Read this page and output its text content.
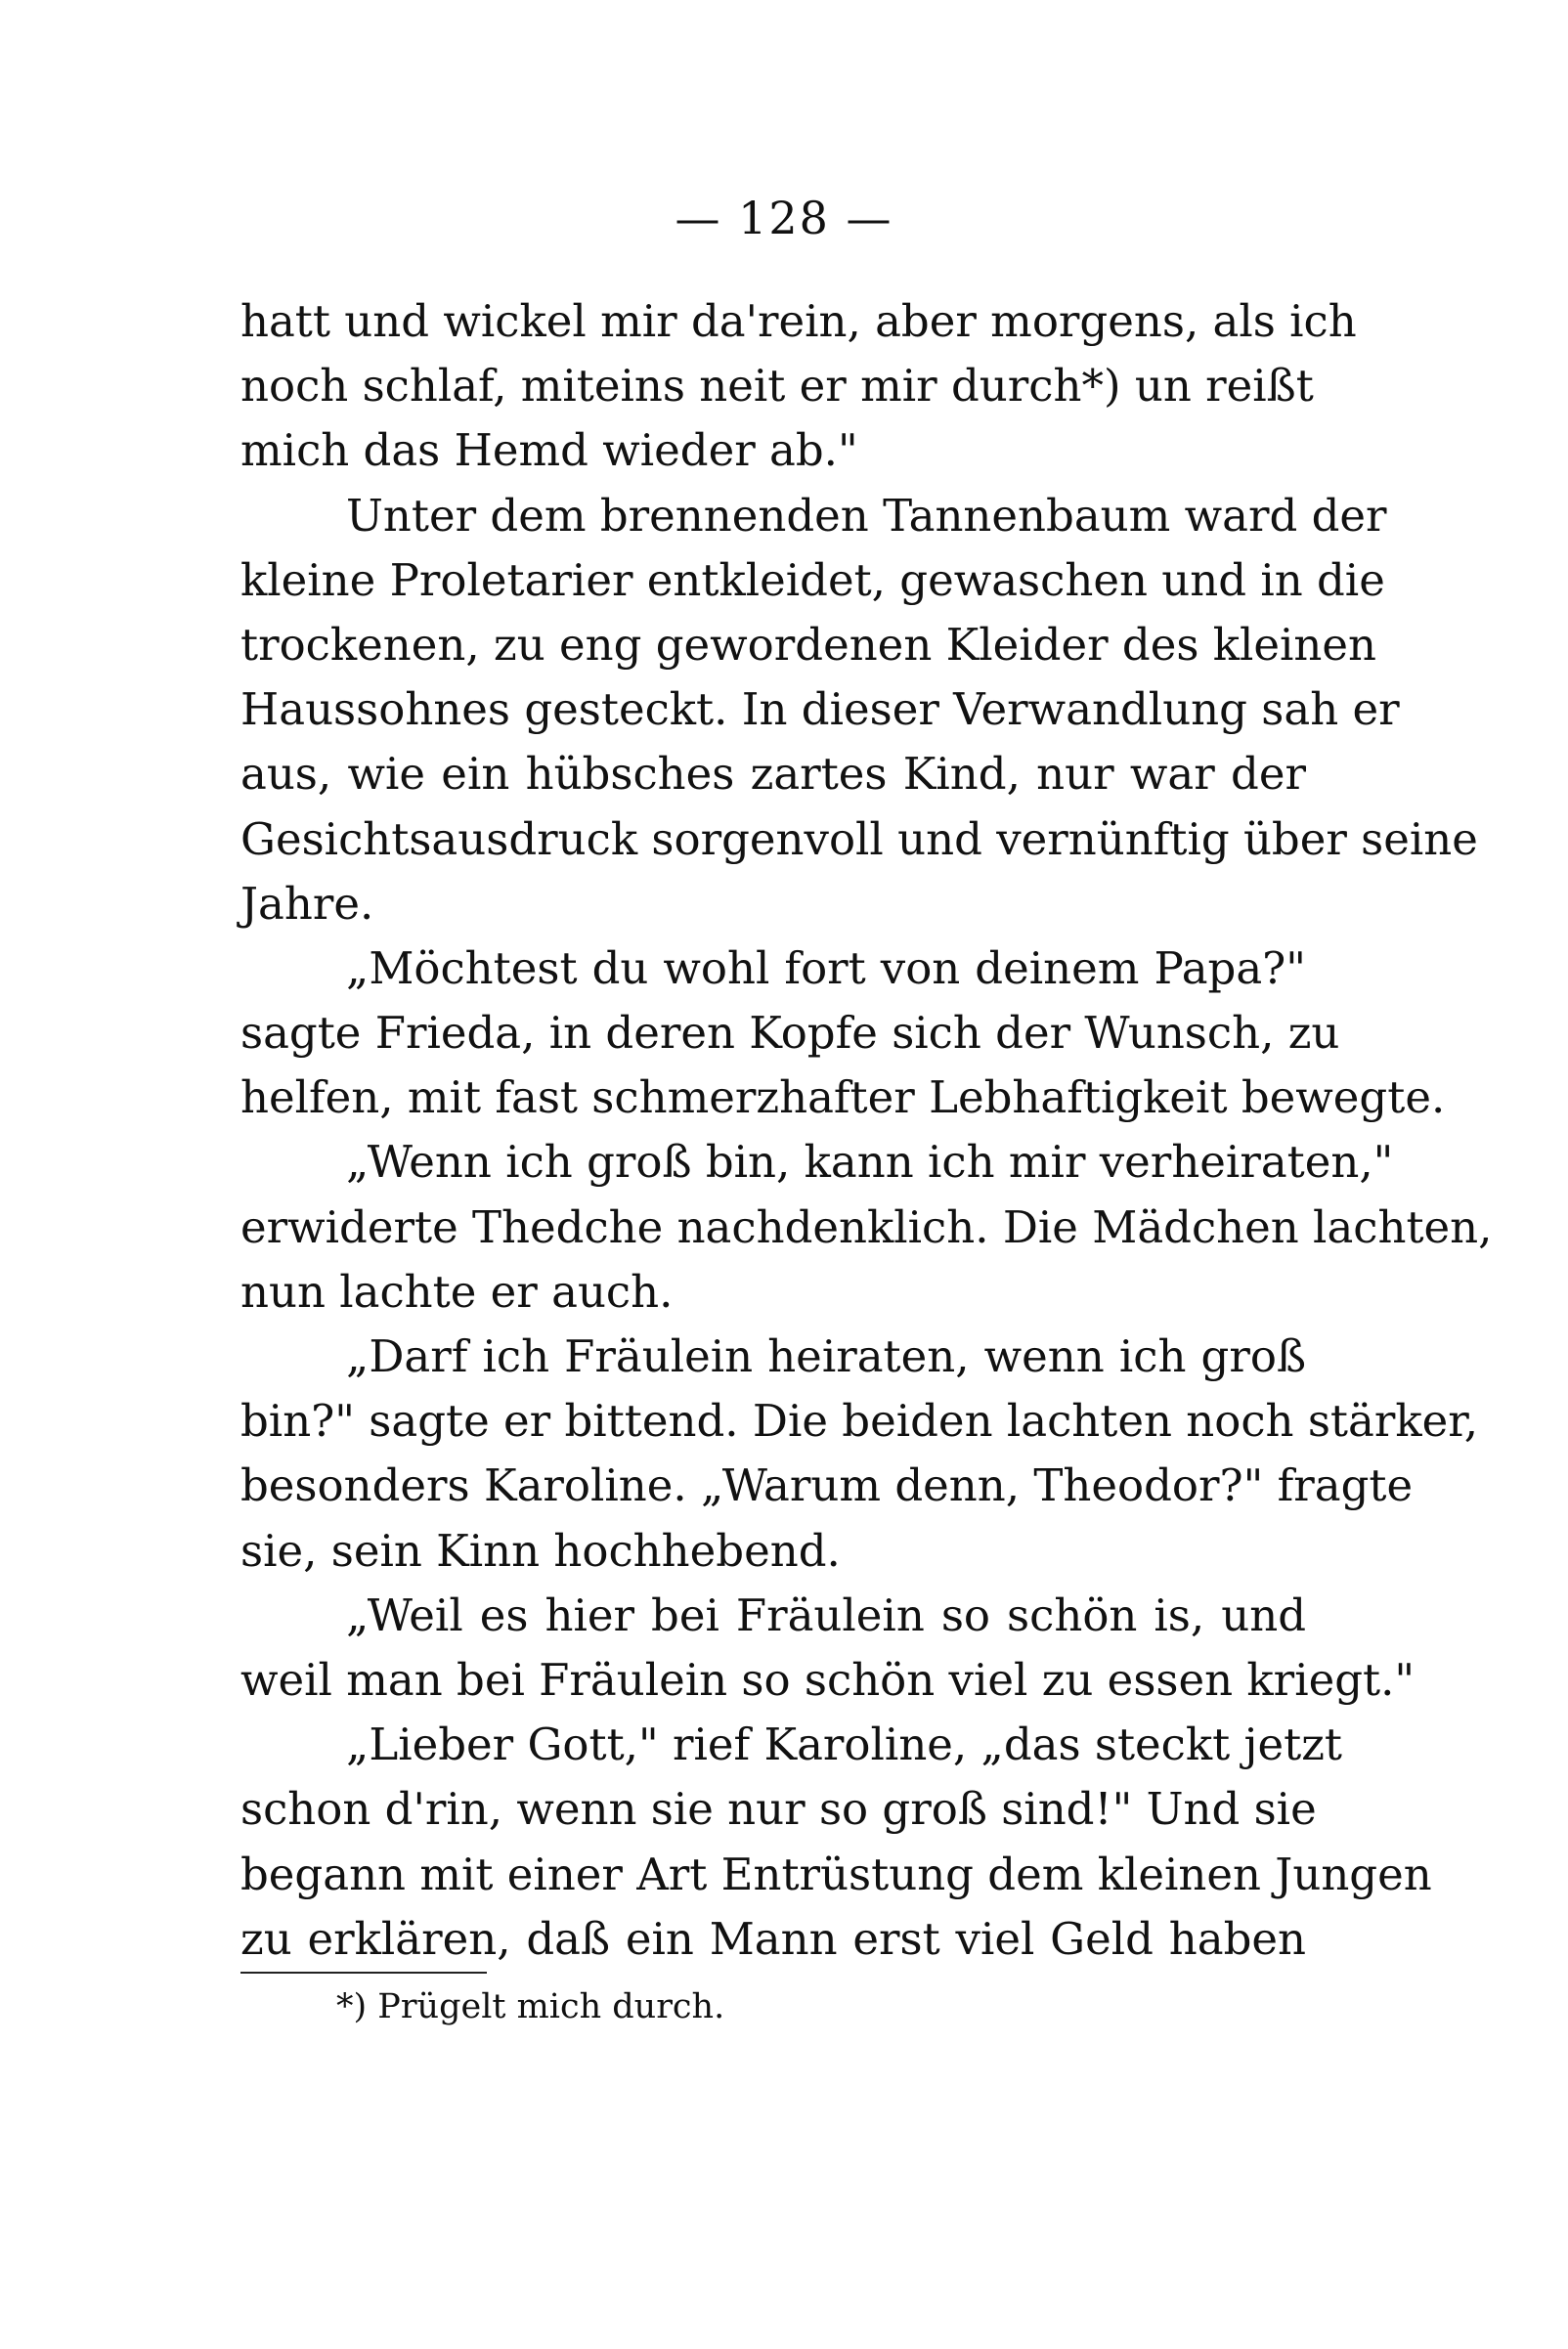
— 128 —
hatt und wickel mir da'rein, aber morgens, als ich
noch schlaf, miteins neit er mir durch*) un reißt
mich das Hemd wieder ab."
Unter dem brennenden Tannenbaum ward der
kleine Proletarier entkleidet, gewaschen und in die
trockenen, zu eng gewordenen Kleider des kleinen
Haussohnes gesteckt. In dieser Verwandlung sah er
aus, wie ein hübsches zartes Kind, nur war der
Gesichtsausdruck sorgenvoll und vernünftig über seine
Jahre.
„Möchtest du wohl fort von deinem Papa?"
sagte Frieda, in deren Kopfe sich der Wunsch, zu
helfen, mit fast schmerzhafter Lebhaftigkeit bewegte.
„Wenn ich groß bin, kann ich mir verheiraten,"
erwiderte Thedche nachdenklich. Die Mädchen lachten,
nun lachte er auch.
„Darf ich Fräulein heiraten, wenn ich groß
bin?" sagte er bittend. Die beiden lachten noch stärker,
besonders Karoline. „Warum denn, Theodor?" fragte
sie, sein Kinn hochhebend.
„Weil es hier bei Fräulein so schön is, und
weil man bei Fräulein so schön viel zu essen kriegt."
„Lieber Gott," rief Karoline, „das steckt jetzt
schon d'rin, wenn sie nur so groß sind!" Und sie
begann mit einer Art Entrüstung dem kleinen Jungen
zu erklären, daß ein Mann erst viel Geld haben
*) Prügelt mich durch.
